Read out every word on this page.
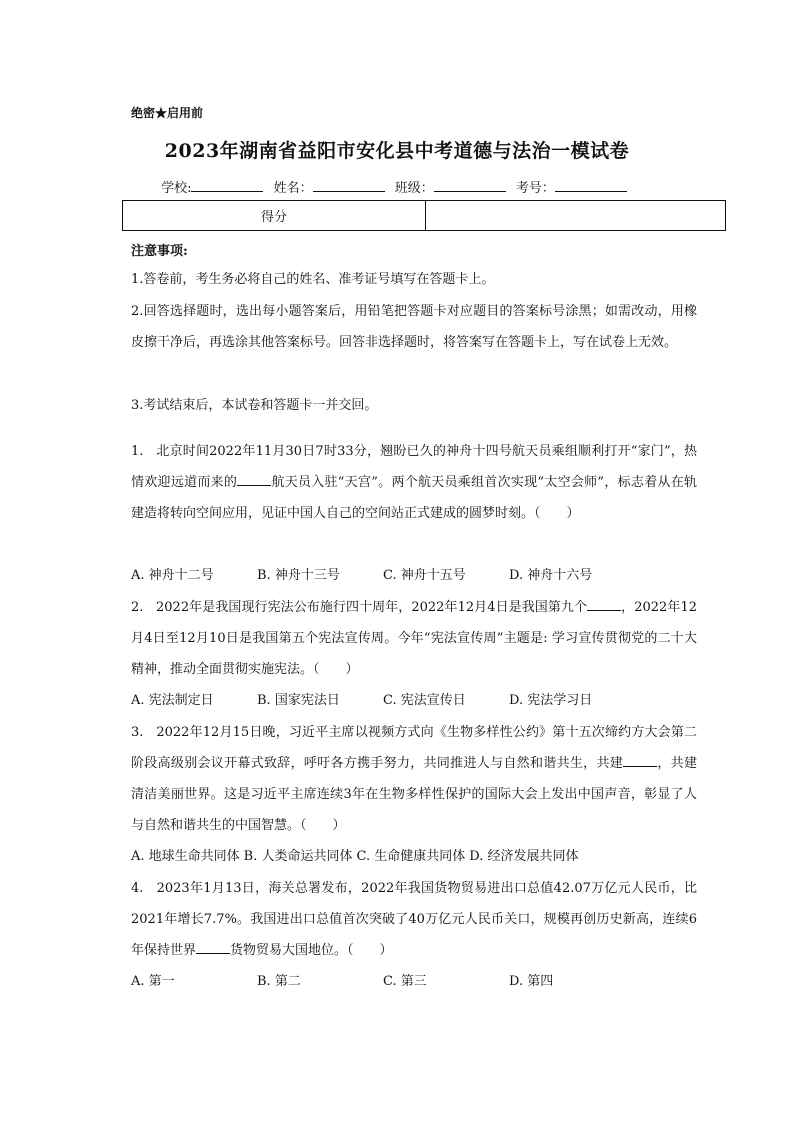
绝密★启用前
2023年湖南省益阳市安化县中考道德与法治一模试卷
学校:	姓名：	班级：	考号：
得分	
注意事项:
1.答卷前，考生务必将自己的姓名、准考证号填写在答题卡上。
2.回答选择题时，选出每小题答案后，用铅笔把答题卡对应题目的答案标号涂黑；如需改动，用橡皮擦干净后，再选涂其他答案标号。回答非选择题时，将答案写在答题卡上，写在试卷上无效。
3.考试结束后，本试卷和答题卡一并交回。
1. 北京时间2022年11月30日7时33分，翘盼已久的神舟十四号航天员乘组顺利打开“家门”，热情欢迎远道而来的	航天员入驻“天宫”。两个航天员乘组首次实现“太空会师”，标志着从在轨建造将转向空间应用，见证中国人自己的空间站正式建成的圆梦时刻。（　　）
A. 神舟十二号	B. 神舟十三号	C. 神舟十五号	D. 神舟十六号
2. 2022年是我国现行宪法公布施行四十周年，2022年12月4日是我国第九个	，2022年12月4日至12月10日是我国第五个宪法宣传周。今年“宪法宣传周”主题是: 学习宣传贯彻党的二十大精神，推动全面贯彻实施宪法。（　　）
A. 宪法制定日	B. 国家宪法日	C. 宪法宣传日	D. 宪法学习日
3. 2022年12月15日晚，习近平主席以视频方式向《生物多样性公约》第十五次缔约方大会第二阶段高级别会议开幕式致辞，呼吁各方携手努力，共同推进人与自然和谐共生，共建	，共建清洁美丽世界。这是习近平主席连续3年在生物多样性保护的国际大会上发出中国声音，彰显了人与自然和谐共生的中国智慧。（　　）
A. 地球生命共同体 B. 人类命运共同体 C. 生命健康共同体 D. 经济发展共同体
4. 2023年1月13日，海关总署发布，2022年我国货物贸易进出口总值42.07万亿元人民币，比2021年增长7.7%。我国进出口总值首次突破了40万亿元人民币关口，规模再创历史新高，连续6年保持世界	货物贸易大国地位。（　　）
A. 第一	B. 第二	C. 第三	D. 第四
